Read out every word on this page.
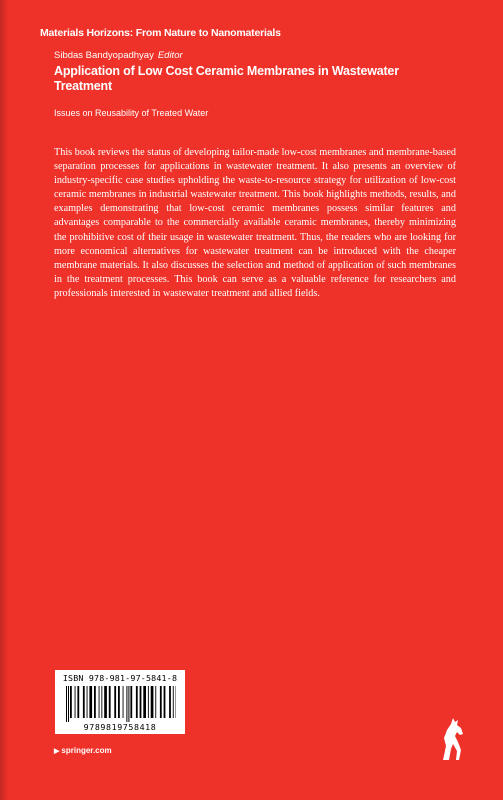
Materials Horizons: From Nature to Nanomaterials
Sibdas Bandyopadhyay Editor
Application of Low Cost Ceramic Membranes in Wastewater Treatment
Issues on Reusability of Treated Water
This book reviews the status of developing tailor-made low-cost membranes and membrane-based separation processes for applications in wastewater treatment. It also presents an overview of industry-specific case studies upholding the waste-to-resource strategy for utilization of low-cost ceramic membranes in industrial wastewater treatment. This book highlights methods, results, and examples demonstrating that low-cost ceramic membranes possess similar features and advantages comparable to the commercially available ceramic membranes, thereby minimizing the prohibitive cost of their usage in wastewater treatment. Thus, the readers who are looking for more economical alternatives for wastewater treatment can be introduced with the cheaper membrane materials. It also discusses the selection and method of application of such membranes in the treatment processes. This book can serve as a valuable reference for researchers and professionals interested in wastewater treatment and allied fields.
ISBN 978-981-97-5841-8
9789819758418
▶ springer.com
